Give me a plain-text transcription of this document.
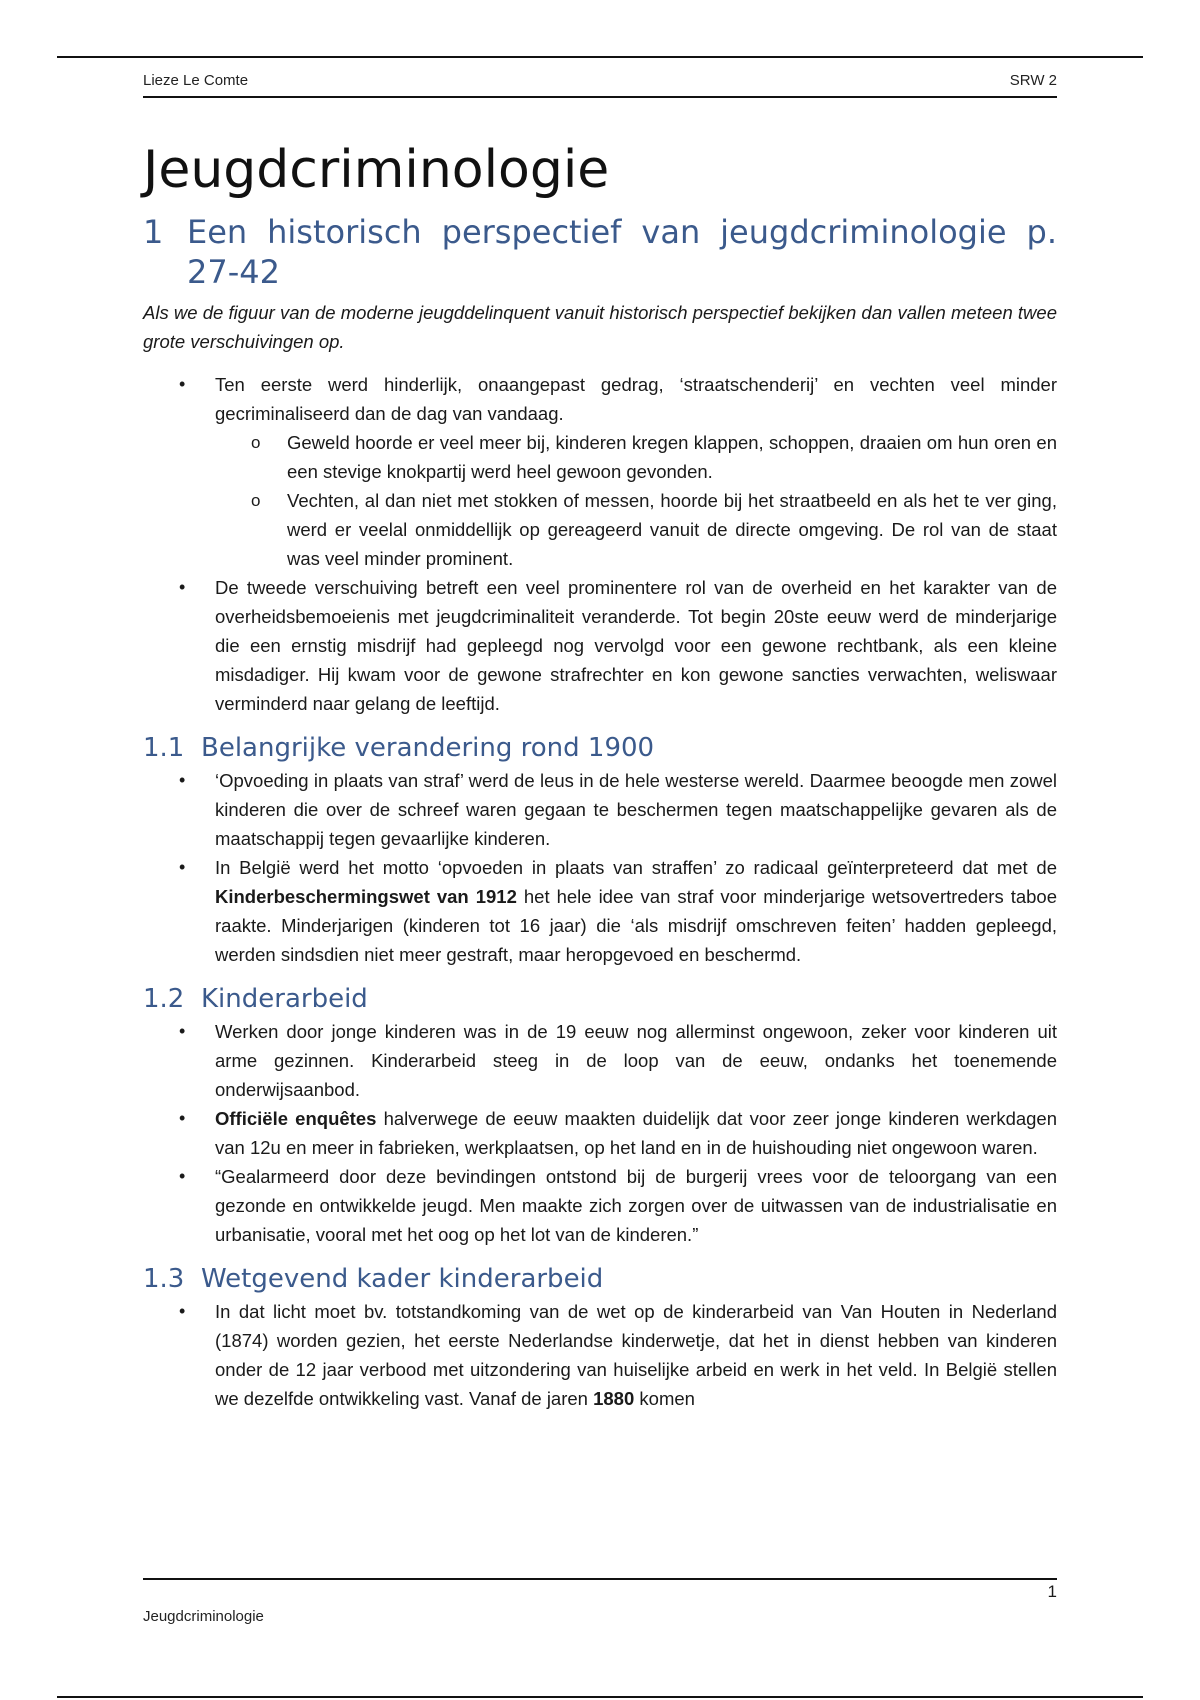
Lieze Le Comte	SRW 2
Jeugdcriminologie
1 Een historisch perspectief van jeugdcriminologie p. 27-42

Als we de figuur van de moderne jeugddelinquent vanuit historisch perspectief bekijken dan vallen meteen twee grote verschuivingen op.

• Ten eerste werd hinderlijk, onaangepast gedrag, ‘straatschenderij’ en vechten veel minder gecriminaliseerd dan de dag van vandaag.
o Geweld hoorde er veel meer bij, kinderen kregen klappen, schoppen, draaien om hun oren en een stevige knokpartij werd heel gewoon gevonden.
o Vechten, al dan niet met stokken of messen, hoorde bij het straatbeeld en als het te ver ging, werd er veelal onmiddellijk op gereageerd vanuit de directe omgeving. De rol van de staat was veel minder prominent.
• De tweede verschuiving betreft een veel prominentere rol van de overheid en het karakter van de overheidsbemoeienis met jeugdcriminaliteit veranderde. Tot begin 20ste eeuw werd de minderjarige die een ernstig misdrijf had gepleegd nog vervolgd voor een gewone rechtbank, als een kleine misdadiger. Hij kwam voor de gewone strafrechter en kon gewone sancties verwachten, weliswaar verminderd naar gelang de leeftijd.
1.1 Belangrijke verandering rond 1900
• ‘Opvoeding in plaats van straf’ werd de leus in de hele westerse wereld. Daarmee beoogde men zowel kinderen die over de schreef waren gegaan te beschermen tegen maatschappelijke gevaren als de maatschappij tegen gevaarlijke kinderen.
• In België werd het motto ‘opvoeden in plaats van straffen’ zo radicaal geïnterpreteerd dat met de Kinderbeschermingswet van 1912 het hele idee van straf voor minderjarige wetsovertreders taboe raakte. Minderjarigen (kinderen tot 16 jaar) die ‘als misdrijf omschreven feiten’ hadden gepleegd, werden sindsdien niet meer gestraft, maar heropgevoed en beschermd.
1.2 Kinderarbeid
• Werken door jonge kinderen was in de 19 eeuw nog allerminst ongewoon, zeker voor kinderen uit arme gezinnen. Kinderarbeid steeg in de loop van de eeuw, ondanks het toenemende onderwijsaanbod.
• Officiële enquêtes halverwege de eeuw maakten duidelijk dat voor zeer jonge kinderen werkdagen van 12u en meer in fabrieken, werkplaatsen, op het land en in de huishouding niet ongewoon waren.
• “Gealarmeerd door deze bevindingen ontstond bij de burgerij vrees voor de teloorgang van een gezonde en ontwikkelde jeugd. Men maakte zich zorgen over de uitwassen van de industrialisatie en urbanisatie, vooral met het oog op het lot van de kinderen.”
1.3 Wetgevend kader kinderarbeid
• In dat licht moet bv. totstandkoming van de wet op de kinderarbeid van Van Houten in Nederland (1874) worden gezien, het eerste Nederlandse kinderwetje, dat het in dienst hebben van kinderen onder de 12 jaar verbood met uitzondering van huiselijke arbeid en werk in het veld. In België stellen we dezelfde ontwikkeling vast. Vanaf de jaren 1880 komen
1
Jeugdcriminologie
